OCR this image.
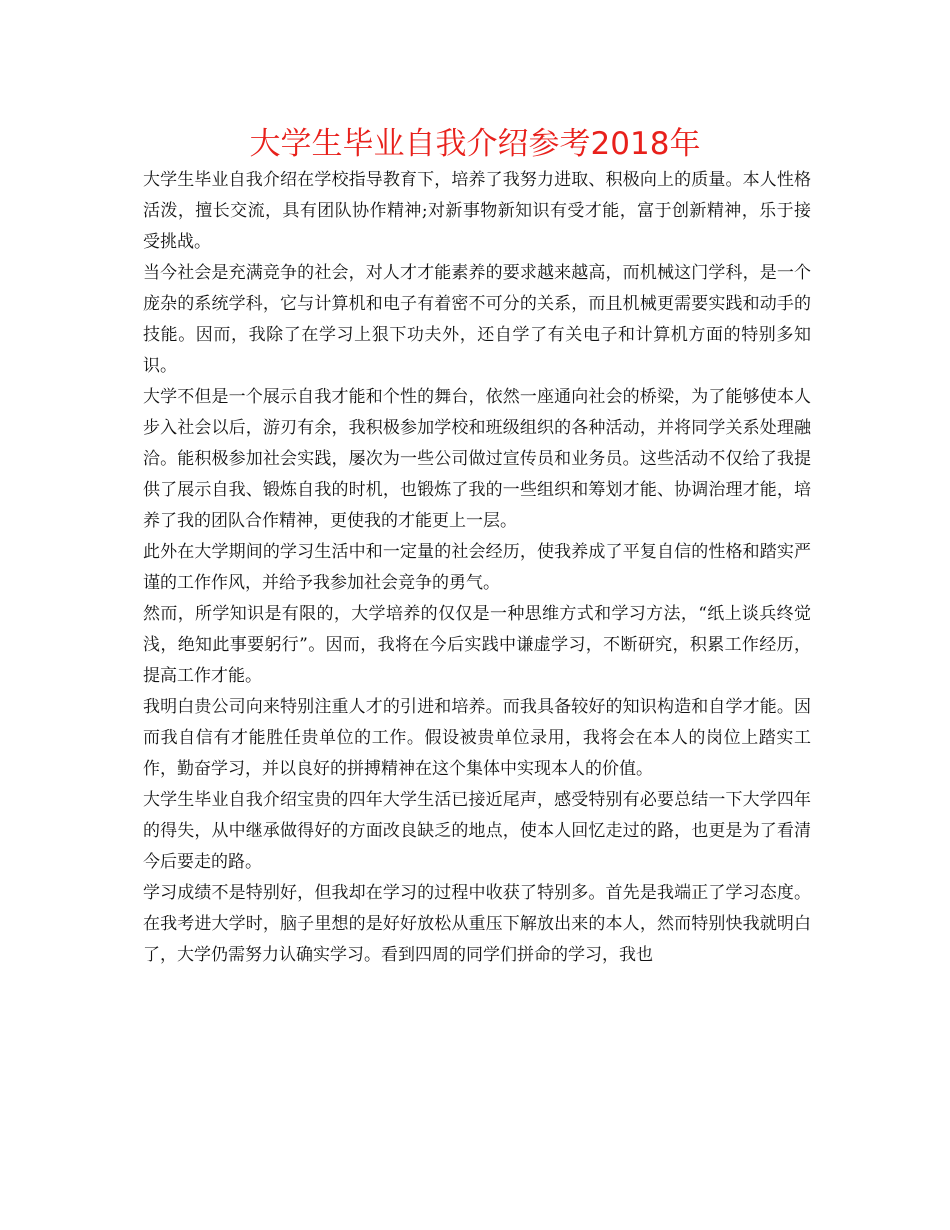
大学生毕业自我介绍参考2018年

大学生毕业自我介绍在学校指导教育下，培养了我努力进取、积极向上的质量。本人性格活泼，擅长交流，具有团队协作精神;对新事物新知识有受才能，富于创新精神，乐于接受挑战。

当今社会是充满竞争的社会，对人才才能素养的要求越来越高，而机械这门学科，是一个庞杂的系统学科，它与计算机和电子有着密不可分的关系，而且机械更需要实践和动手的技能。因而，我除了在学习上狠下功夫外，还自学了有关电子和计算机方面的特别多知识。

大学不但是一个展示自我才能和个性的舞台，依然一座通向社会的桥梁，为了能够使本人步入社会以后，游刃有余，我积极参加学校和班级组织的各种活动，并将同学关系处理融洽。能积极参加社会实践，屡次为一些公司做过宣传员和业务员。这些活动不仅给了我提供了展示自我、锻炼自我的时机，也锻炼了我的一些组织和筹划才能、协调治理才能，培养了我的团队合作精神，更使我的才能更上一层。

此外在大学期间的学习生活中和一定量的社会经历，使我养成了平复自信的性格和踏实严谨的工作作风，并给予我参加社会竞争的勇气。

然而，所学知识是有限的，大学培养的仅仅是一种思维方式和学习方法，“纸上谈兵终觉浅，绝知此事要躬行”。因而，我将在今后实践中谦虚学习，不断研究，积累工作经历，提高工作才能。

我明白贵公司向来特别注重人才的引进和培养。而我具备较好的知识构造和自学才能。因而我自信有才能胜任贵单位的工作。假设被贵单位录用，我将会在本人的岗位上踏实工作，勤奋学习，并以良好的拼搏精神在这个集体中实现本人的价值。

大学生毕业自我介绍宝贵的四年大学生活已接近尾声，感受特别有必要总结一下大学四年的得失，从中继承做得好的方面改良缺乏的地点，使本人回忆走过的路，也更是为了看清今后要走的路。

学习成绩不是特别好，但我却在学习的过程中收获了特别多。首先是我端正了学习态度。在我考进大学时，脑子里想的是好好放松从重压下解放出来的本人，然而特别快我就明白了，大学仍需努力认确实学习。看到四周的同学们拼命的学习，我也
